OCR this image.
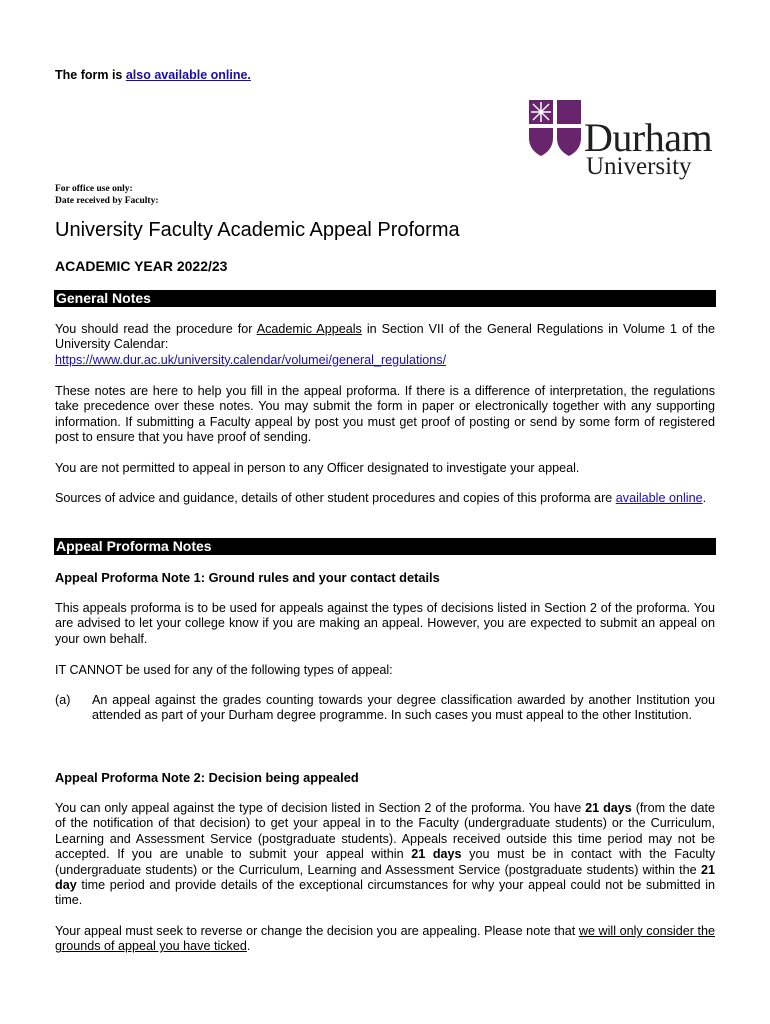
The form is also available online.
Durham
University
For office use only:
Date received by Faculty:
University Faculty Academic Appeal Proforma
ACADEMIC YEAR 2022/23
General Notes
You should read the procedure for Academic Appeals in Section VII of the General Regulations in Volume 1 of the University Calendar:
https://www.dur.ac.uk/university.calendar/volumei/general_regulations/
These notes are here to help you fill in the appeal proforma. If there is a difference of interpretation, the regulations take precedence over these notes. You may submit the form in paper or electronically together with any supporting information. If submitting a Faculty appeal by post you must get proof of posting or send by some form of registered post to ensure that you have proof of sending.
You are not permitted to appeal in person to any Officer designated to investigate your appeal.
Sources of advice and guidance, details of other student procedures and copies of this proforma are available online.
Appeal Proforma Notes
Appeal Proforma Note 1: Ground rules and your contact details
This appeals proforma is to be used for appeals against the types of decisions listed in Section 2 of the proforma. You are advised to let your college know if you are making an appeal. However, you are expected to submit an appeal on your own behalf.
IT CANNOT be used for any of the following types of appeal:
(a) An appeal against the grades counting towards your degree classification awarded by another Institution you attended as part of your Durham degree programme. In such cases you must appeal to the other Institution.
Appeal Proforma Note 2: Decision being appealed
You can only appeal against the type of decision listed in Section 2 of the proforma. You have 21 days (from the date of the notification of that decision) to get your appeal in to the Faculty (undergraduate students) or the Curriculum, Learning and Assessment Service (postgraduate students). Appeals received outside this time period may not be accepted. If you are unable to submit your appeal within 21 days you must be in contact with the Faculty (undergraduate students) or the Curriculum, Learning and Assessment Service (postgraduate students) within the 21 day time period and provide details of the exceptional circumstances for why your appeal could not be submitted in time.
Your appeal must seek to reverse or change the decision you are appealing. Please note that we will only consider the grounds of appeal you have ticked.
